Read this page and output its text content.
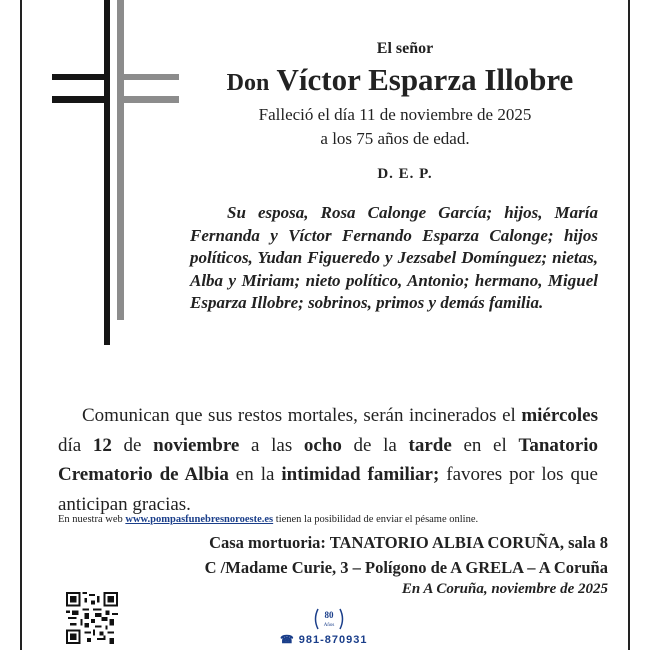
El señor
Don Víctor Esparza Illobre
Falleció el día 11 de noviembre de 2025
a los 75 años de edad.
D. E. P.
Su esposa, Rosa Calonge García; hijos, María Fernanda y Víctor Fernando Esparza Calonge; hijos políticos, Yudan Figueredo y Jezsabel Domínguez; nietas, Alba y Miriam; nieto político, Antonio; hermano, Miguel Esparza Illobre; sobrinos, primos y demás familia.
Comunican que sus restos mortales, serán incinerados el miércoles día 12 de noviembre a las ocho de la tarde en el Tanatorio Crematorio de Albia en la intimidad familiar; favores por los que anticipan gracias.
En nuestra web www.pompasfunebresnoroeste.es tienen la posibilidad de enviar el pésame online.
Casa mortuoria: TANATORIO ALBIA CORUÑA, sala 8
C /Madame Curie, 3 – Polígono de A GRELA – A Coruña
En A Coruña, noviembre de 2025
80
Años
☎ 981-870931
